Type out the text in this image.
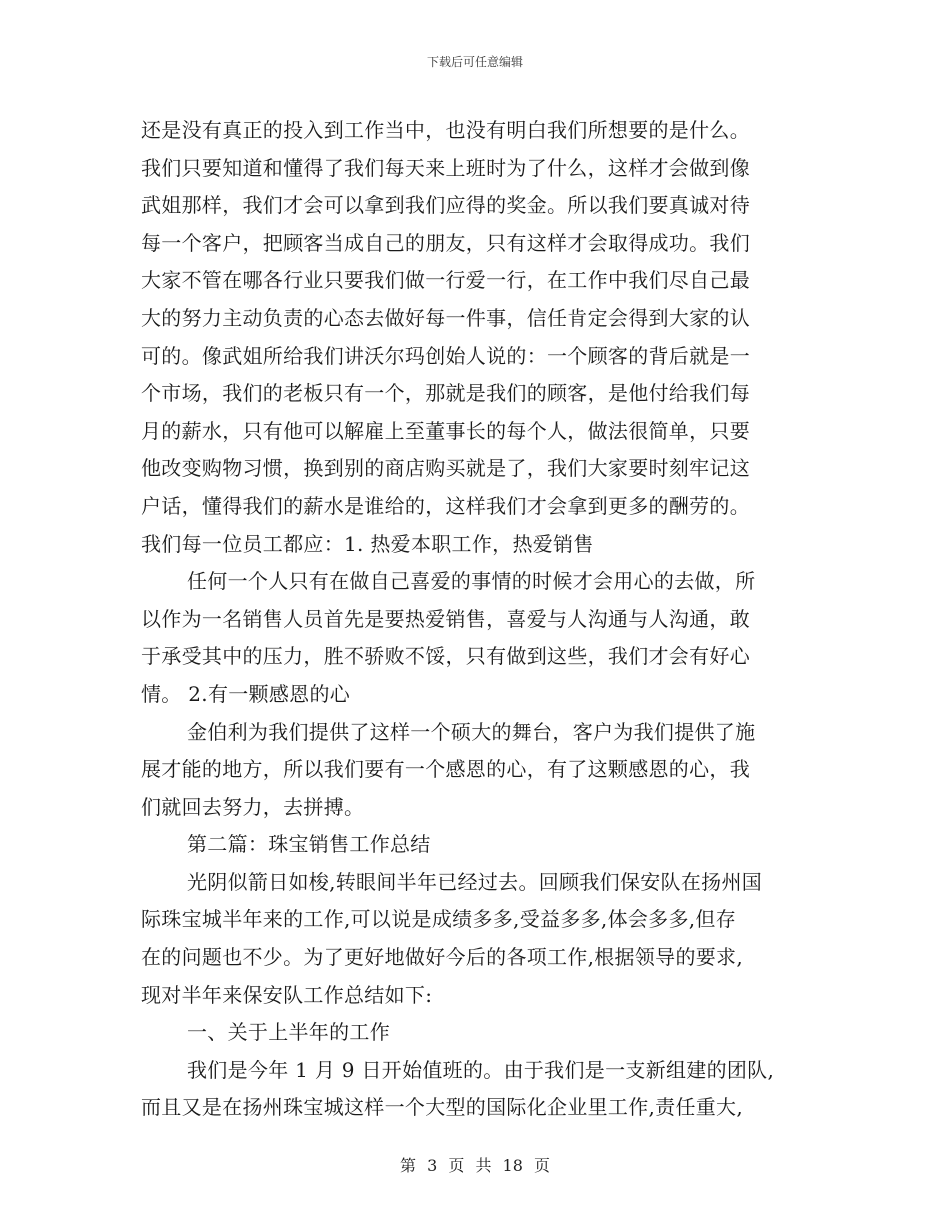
下载后可任意编辑
还是没有真正的投入到工作当中，也没有明白我们所想要的是什么。
我们只要知道和懂得了我们每天来上班时为了什么，这样才会做到像
武姐那样，我们才会可以拿到我们应得的奖金。所以我们要真诚对待
每一个客户，把顾客当成自己的朋友，只有这样才会取得成功。我们
大家不管在哪各行业只要我们做一行爱一行，在工作中我们尽自己最
大的努力主动负责的心态去做好每一件事，信任肯定会得到大家的认
可的。像武姐所给我们讲沃尔玛创始人说的：一个顾客的背后就是一
个市场，我们的老板只有一个，那就是我们的顾客，是他付给我们每
月的薪水，只有他可以解雇上至董事长的每个人，做法很简单，只要
他改变购物习惯，换到别的商店购买就是了，我们大家要时刻牢记这
户话，懂得我们的薪水是谁给的，这样我们才会拿到更多的酬劳的。
我们每一位员工都应：1. 热爱本职工作，热爱销售
任何一个人只有在做自己喜爱的事情的时候才会用心的去做，所
以作为一名销售人员首先是要热爱销售，喜爱与人沟通与人沟通，敢
于承受其中的压力，胜不骄败不馁，只有做到这些，我们才会有好心
情。 2.有一颗感恩的心
金伯利为我们提供了这样一个硕大的舞台，客户为我们提供了施
展才能的地方，所以我们要有一个感恩的心，有了这颗感恩的心，我
们就回去努力，去拼搏。
第二篇：珠宝销售工作总结
光阴似箭日如梭,转眼间半年已经过去。回顾我们保安队在扬州国
际珠宝城半年来的工作,可以说是成绩多多,受益多多,体会多多,但存
在的问题也不少。为了更好地做好今后的各项工作,根据领导的要求,
现对半年来保安队工作总结如下:
一、关于上半年的工作
我们是今年 1 月 9 日开始值班的。由于我们是一支新组建的团队,
而且又是在扬州珠宝城这样一个大型的国际化企业里工作,责任重大,
第 3 页 共 18 页
